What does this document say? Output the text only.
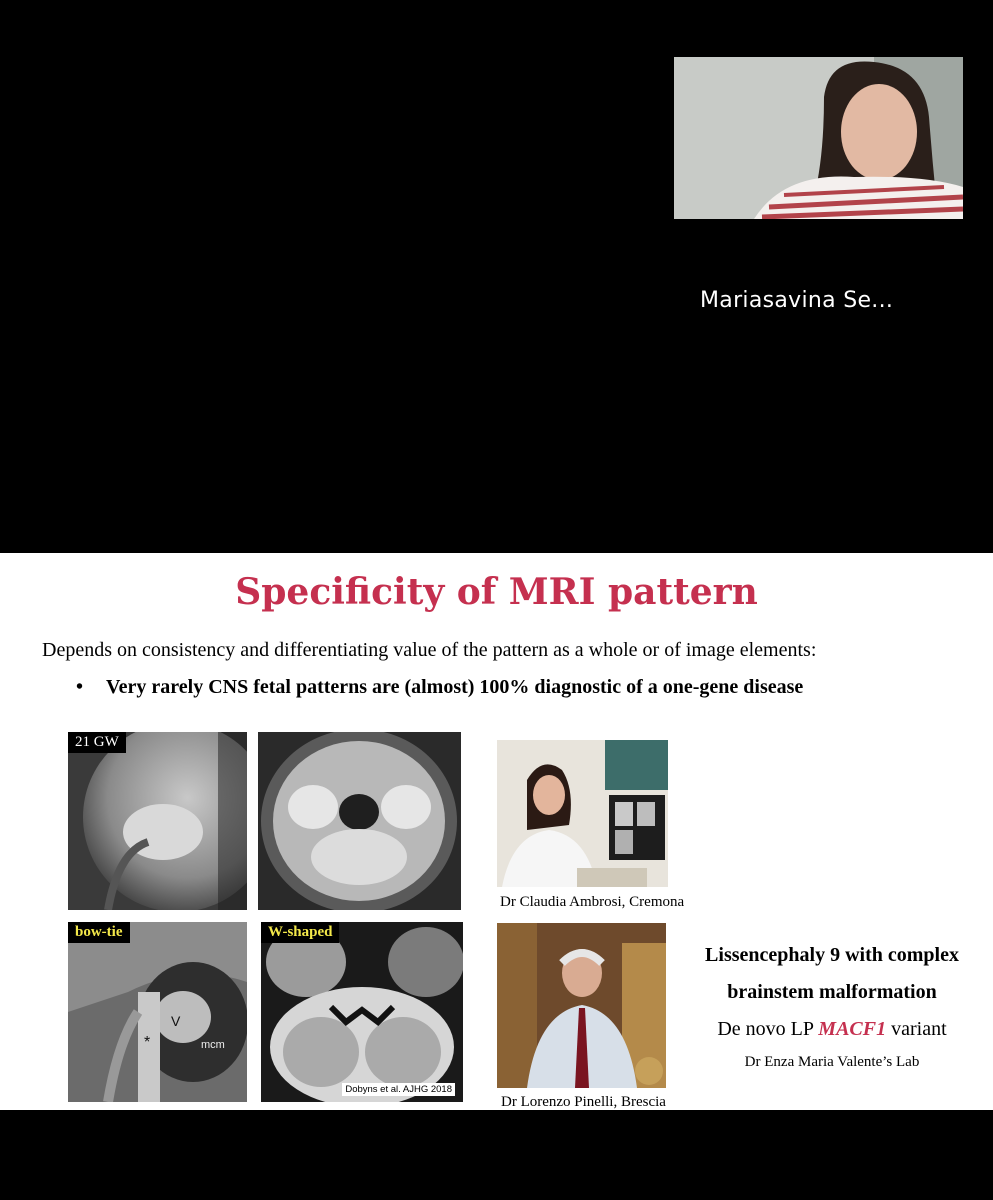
Mariasavina Se...
Specificity of MRI pattern
Depends on consistency and differentiating value of the pattern as a whole or of image elements:
• Very rarely CNS fetal patterns are (almost) 100% diagnostic of a one-gene disease
21 GW
V
mcm
*
bow-tie	W-shaped
Dobyns et al. AJHG 2018
Dr Claudia Ambrosi, Cremona
Dr Lorenzo Pinelli, Brescia
Lissencephaly 9 with complex
brainstem malformation
De novo LP MACF1 variant
Dr Enza Maria Valente’s Lab
